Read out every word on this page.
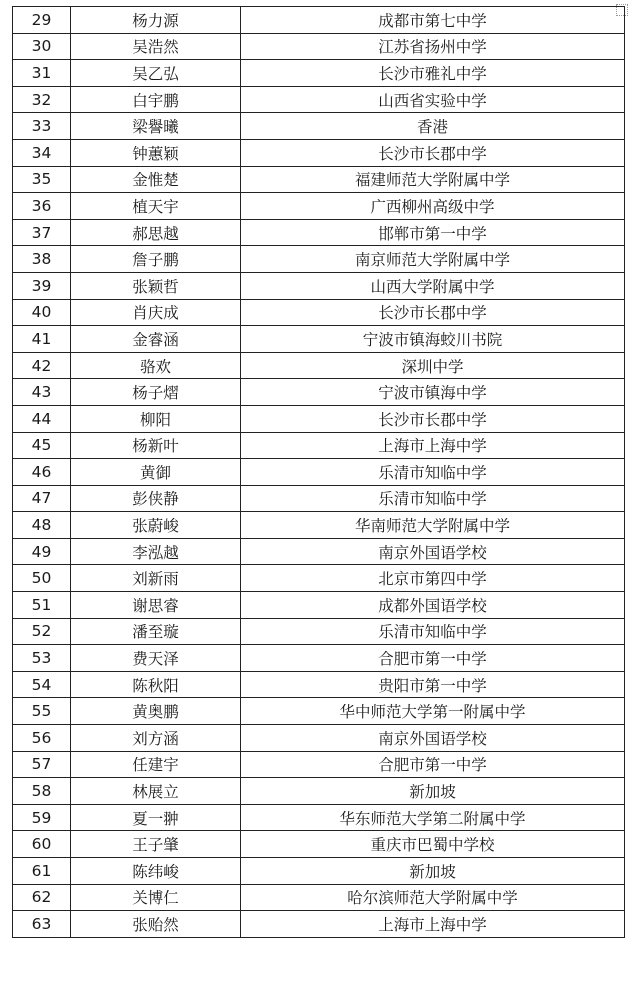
29	杨力源	成都市第七中学
30	吴浩然	江苏省扬州中学
31	吴乙弘	长沙市雅礼中学
32	白宇鹏	山西省实验中学
33	梁譽曦	香港
34	钟蕙颖	长沙市长郡中学
35	金惟楚	福建师范大学附属中学
36	植天宇	广西柳州高级中学
37	郝思越	邯郸市第一中学
38	詹子鹏	南京师范大学附属中学
39	张颖哲	山西大学附属中学
40	肖庆成	长沙市长郡中学
41	金睿涵	宁波市镇海蛟川书院
42	骆欢	深圳中学
43	杨子熠	宁波市镇海中学
44	柳阳	长沙市长郡中学
45	杨新叶	上海市上海中学
46	黄御	乐清市知临中学
47	彭侠静	乐清市知临中学
48	张蔚峻	华南师范大学附属中学
49	李泓越	南京外国语学校
50	刘新雨	北京市第四中学
51	谢思睿	成都外国语学校
52	潘至璇	乐清市知临中学
53	费天泽	合肥市第一中学
54	陈秋阳	贵阳市第一中学
55	黄奥鹏	华中师范大学第一附属中学
56	刘方涵	南京外国语学校
57	任建宇	合肥市第一中学
58	林展立	新加坡
59	夏一翀	华东师范大学第二附属中学
60	王子肇	重庆市巴蜀中学校
61	陈纬峻	新加坡
62	关博仁	哈尔滨师范大学附属中学
63	张贻然	上海市上海中学
